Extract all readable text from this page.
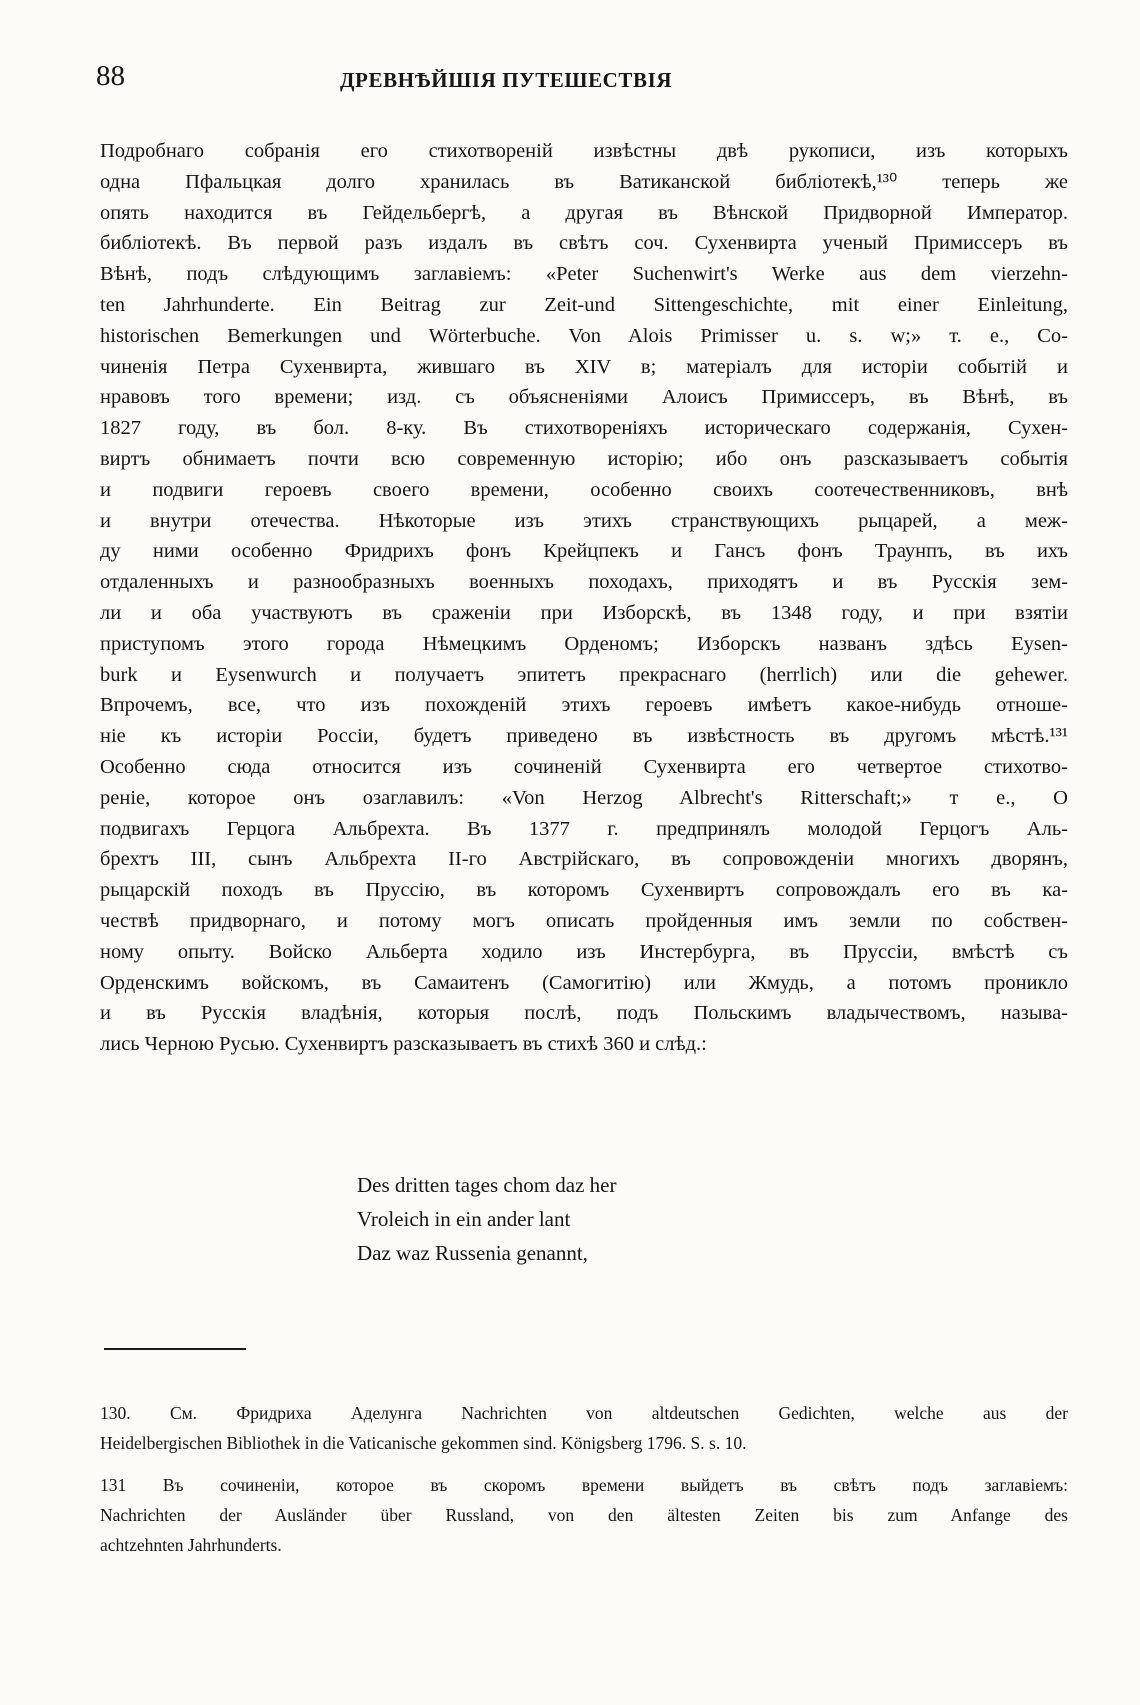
88	ДРЕВНѢЙШІЯ ПУТЕШЕСТВІЯ
Подробнаго собранія его стихотвореній извѣстны двѣ рукописи, изъ которыхъ
одна Пфальцкая долго хранилась въ Ватиканской библіотекѣ,¹³⁰ теперь же
опять находится въ Гейдельбергѣ, а другая въ Вѣнской Придворной Император.
библіотекѣ. Въ первой разъ издалъ въ свѣтъ соч. Сухенвирта ученый Примиссеръ въ
Вѣнѣ, подъ слѣдующимъ заглавіемъ: «Peter Suchenwirt's Werke aus dem vierzehn-
ten Jahrhunderte. Ein Beitrag zur Zeit-und Sittengeschichte, mit einer Einleitung,
historischen Bemerkungen und Wörterbuche. Von Alois Primisser u. s. w;» т. е., Со-
чиненія Петра Сухенвирта, жившаго въ XIV в; матеріалъ для исторіи событій и
нравовъ того времени; изд. съ объясненіями Алоисъ Примиссеръ, въ Вѣнѣ, въ
1827 году, въ бол. 8-ку. Въ стихотвореніяхъ историческаго содержанія, Сухен-
виртъ обнимаетъ почти всю современную исторію; ибо онъ разсказываетъ событія
и подвиги героевъ своего времени, особенно своихъ соотечественниковъ, внѣ
и внутри отечества. Нѣкоторые изъ этихъ странствующихъ рыцарей, а меж-
ду ними особенно Фридрихъ фонъ Крейцпекъ и Гансъ фонъ Траунпъ, въ ихъ
отдаленныхъ и разнообразныхъ военныхъ походахъ, приходятъ и въ Русскія зем-
ли и оба участвуютъ въ сраженіи при Изборскѣ, въ 1348 году, и при взятіи
приступомъ этого города Нѣмецкимъ Орденомъ; Изборскъ названъ здѣсь Eysen-
burk и Eysenwurch и получаетъ эпитетъ прекраснаго (herrlich) или die gehewer.
Впрочемъ, все, что изъ похожденій этихъ героевъ имѣетъ какое-нибудь отноше-
ніе къ исторіи Россіи, будетъ приведено въ извѣстность въ другомъ мѣстѣ.¹³¹
Особенно сюда относится изъ сочиненій Сухенвирта его четвертое стихотво-
реніе, которое онъ озаглавилъ: «Von Herzog Albrecht's Ritterschaft;» т е., О
подвигахъ Герцога Альбрехта. Въ 1377 г. предпринялъ молодой Герцогъ Аль-
брехтъ III, сынъ Альбрехта II-го Австрійскаго, въ сопровожденіи многихъ дворянъ,
рыцарскій походъ въ Пруссію, въ которомъ Сухенвиртъ сопровождалъ его въ ка-
чествѣ придворнаго, и потому могъ описать пройденныя имъ земли по собствен-
ному опыту. Войско Альберта ходило изъ Инстербурга, въ Пруссіи, вмѣстѣ съ
Орденскимъ войскомъ, въ Самаитенъ (Самогитію) или Жмудь, а потомъ проникло
и въ Русскія владѣнія, которыя послѣ, подъ Польскимъ владычествомъ, называ-
лись Черною Русью. Сухенвиртъ разсказываетъ въ стихѣ 360 и слѣд.:
Des dritten tages chom daz her
Vroleich in ein ander lant
Daz waz Russenia genannt,
130. См. Фридриха Аделунга Nachrichten von altdeutschen Gedichten, welche aus der
Heidelbergischen Bibliothek in die Vaticanische gekommen sind. Königsberg 1796. S. s. 10.
131 Въ сочиненіи, которое въ скоромъ времени выйдетъ въ свѣтъ подъ заглавіемъ:
Nachrichten der Ausländer über Russland, von den ältesten Zeiten bis zum Anfange des
achtzehnten Jahrhunderts.
